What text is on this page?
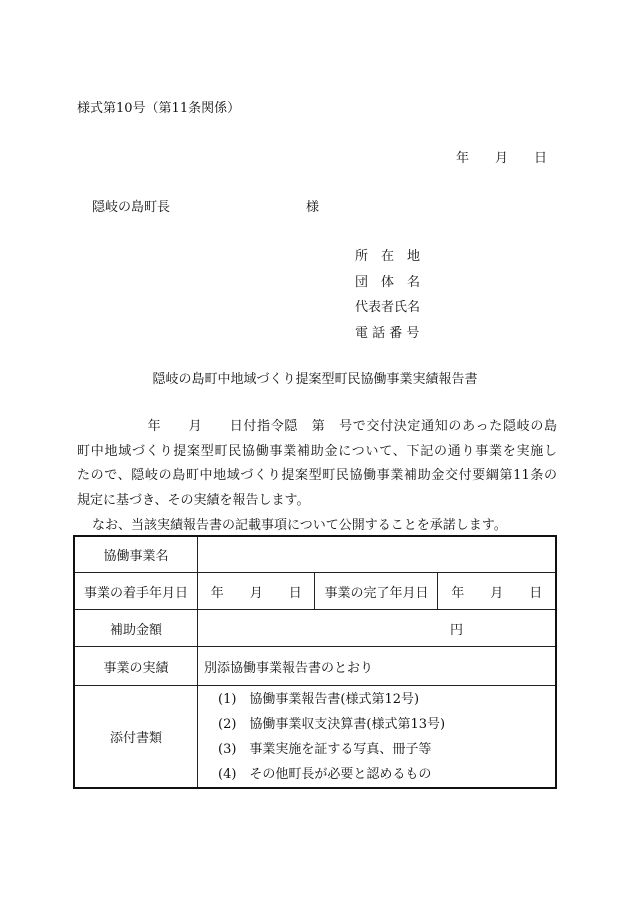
様式第10号（第11条関係）
年 月 日
隠岐の島町長	様
所　在　地
団　体　名
代表者氏名
電 話 番 号
隠岐の島町中地域づくり提案型町民協働事業実績報告書

年　　月　　日付指令隠　第　号で交付決定通知のあった隠岐の島

町中地域づくり提案型町民協働事業補助金について、下記の通り事業を実施し

たので、隠岐の島町中地域づくり提案型町民協働事業補助金交付要綱第11条の

規定に基づき、その実績を報告します。

なお、当該実績報告書の記載事項について公開することを承諾します。
協働事業名			
事業の着手年月日	年 月 日	事業の完了年月日	年 月 日
補助金額	円		
事業の実績	別添協働事業報告書のとおり		
添付書類	(1)　協働事業報告書(様式第12号)
(2)　協働事業収支決算書(様式第13号)
(3)　事業実施を証する写真、冊子等
(4)　その他町長が必要と認めるもの		
